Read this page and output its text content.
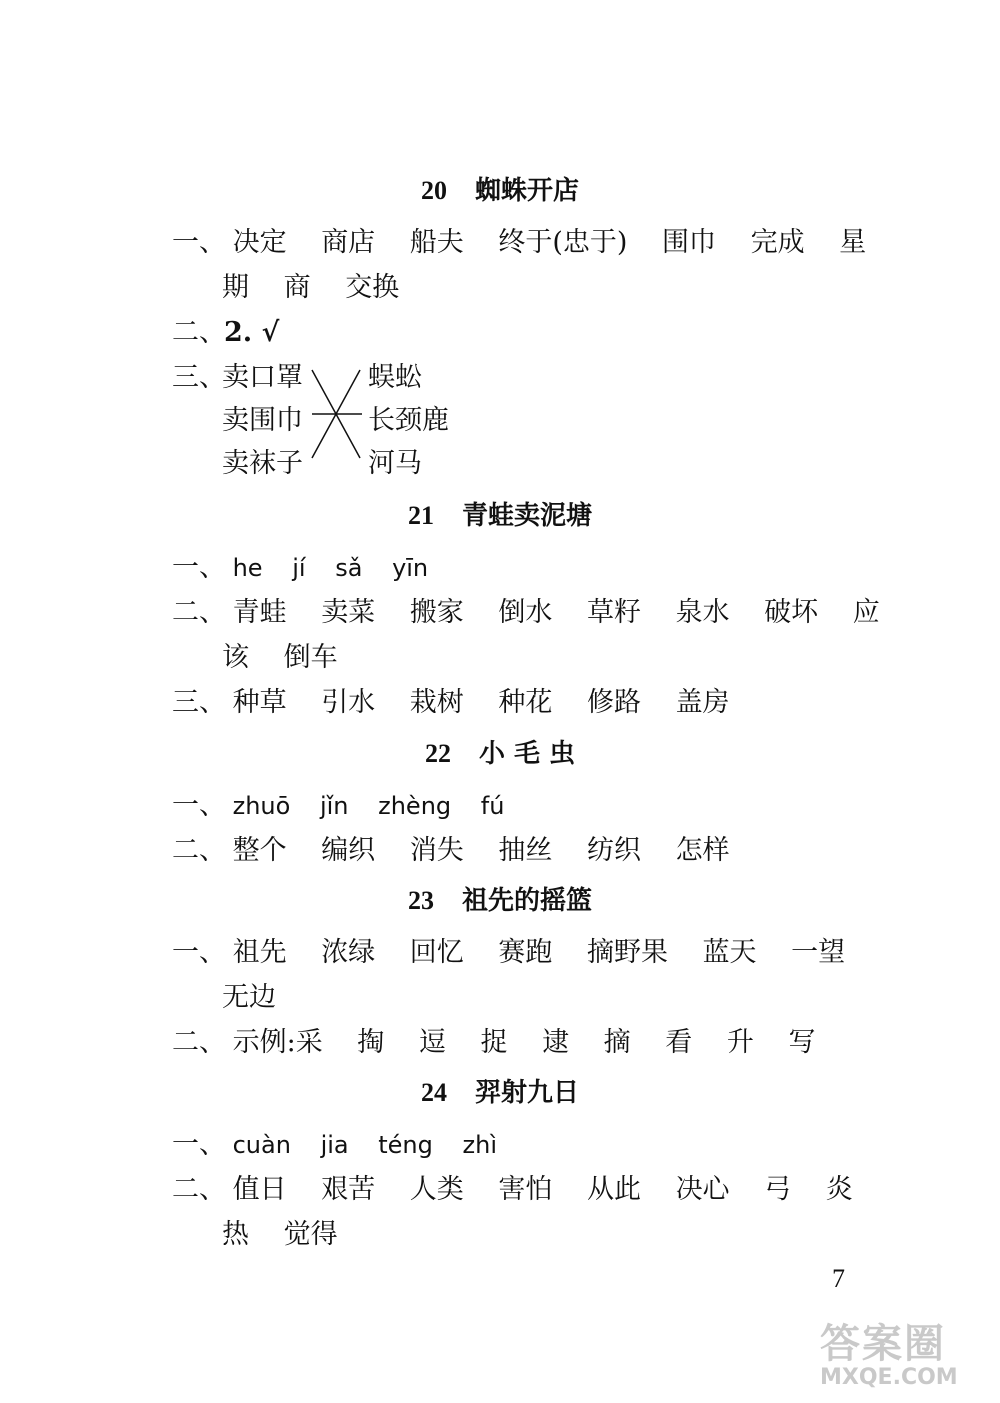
20 蜘蛛开店
一、 决定 商店 船夫 终于(忠于) 围巾 完成 星
期 商 交换
二、2. √
三、
卖口罩
卖围巾
卖袜子
蜈蚣
长颈鹿
河马
21 青蛙卖泥塘
一、 he jí sǎ yīn
二、 青蛙 卖菜 搬家 倒水 草籽 泉水 破坏 应
该 倒车
三、 种草 引水 栽树 种花 修路 盖房
22 小 毛 虫
一、 zhuō jǐn zhèng fú
二、 整个 编织 消失 抽丝 纺织 怎样
23 祖先的摇篮
一、 祖先 浓绿 回忆 赛跑 摘野果 蓝天 一望
无边
二、 示例:采 掏 逗 捉 逮 摘 看 升 写
24 羿射九日
一、 cuàn jia téng zhì
二、 值日 艰苦 人类 害怕 从此 决心 弓 炎
热 觉得
7
答案圈
MXQE.COM
